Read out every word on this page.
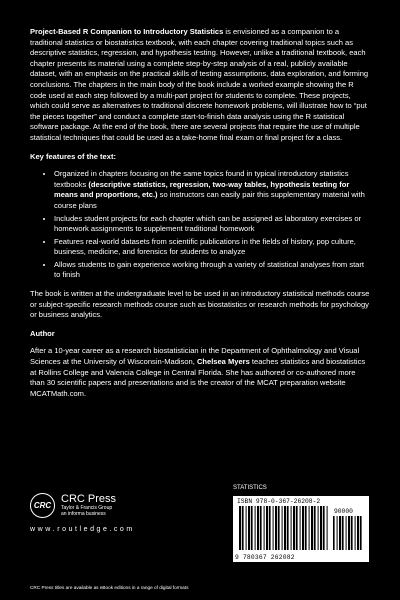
Project-Based R Companion to Introductory Statistics is envisioned as a companion to a traditional statistics or biostatistics textbook, with each chapter covering traditional topics such as descriptive statistics, regression, and hypothesis testing. However, unlike a traditional textbook, each chapter presents its material using a complete step-by-step analysis of a real, publicly available dataset, with an emphasis on the practical skills of testing assumptions, data exploration, and forming conclusions. The chapters in the main body of the book include a worked example showing the R code used at each step followed by a multi-part project for students to complete. These projects, which could serve as alternatives to traditional discrete homework problems, will illustrate how to “put the pieces together” and conduct a complete start-to-finish data analysis using the R statistical software package. At the end of the book, there are several projects that require the use of multiple statistical techniques that could be used as a take-home final exam or final project for a class.

Key features of the text:

• Organized in chapters focusing on the same topics found in typical introductory statistics textbooks (descriptive statistics, regression, two-way tables, hypothesis testing for means and proportions, etc.) so instructors can easily pair this supplementary material with course plans
• Includes student projects for each chapter which can be assigned as laboratory exercises or homework assignments to supplement traditional homework
• Features real-world datasets from scientific publications in the fields of history, pop culture, business, medicine, and forensics for students to analyze
• Allows students to gain experience working through a variety of statistical analyses from start to finish

The book is written at the undergraduate level to be used in an introductory statistical methods course or subject-specific research methods course such as biostatistics or research methods for psychology or business analytics.

Author

After a 10-year career as a research biostatistician in the Department of Ophthalmology and Visual Sciences at the University of Wisconsin-Madison, Chelsea Myers teaches statistics and biostatistics at Rollins College and Valencia College in Central Florida. She has authored or co-authored more than 30 scientific papers and presentations and is the creator of the MCAT preparation website MCATMath.com.

CRC
CRC Press
Taylor & Francis Group
an informa business
w w w . r o u t l e d g e . c o m
STATISTICS
ISBN 978-0-367-26208-2
90000
9 780367 262082
CRC Press titles are available as eBook editions in a range of digital formats
